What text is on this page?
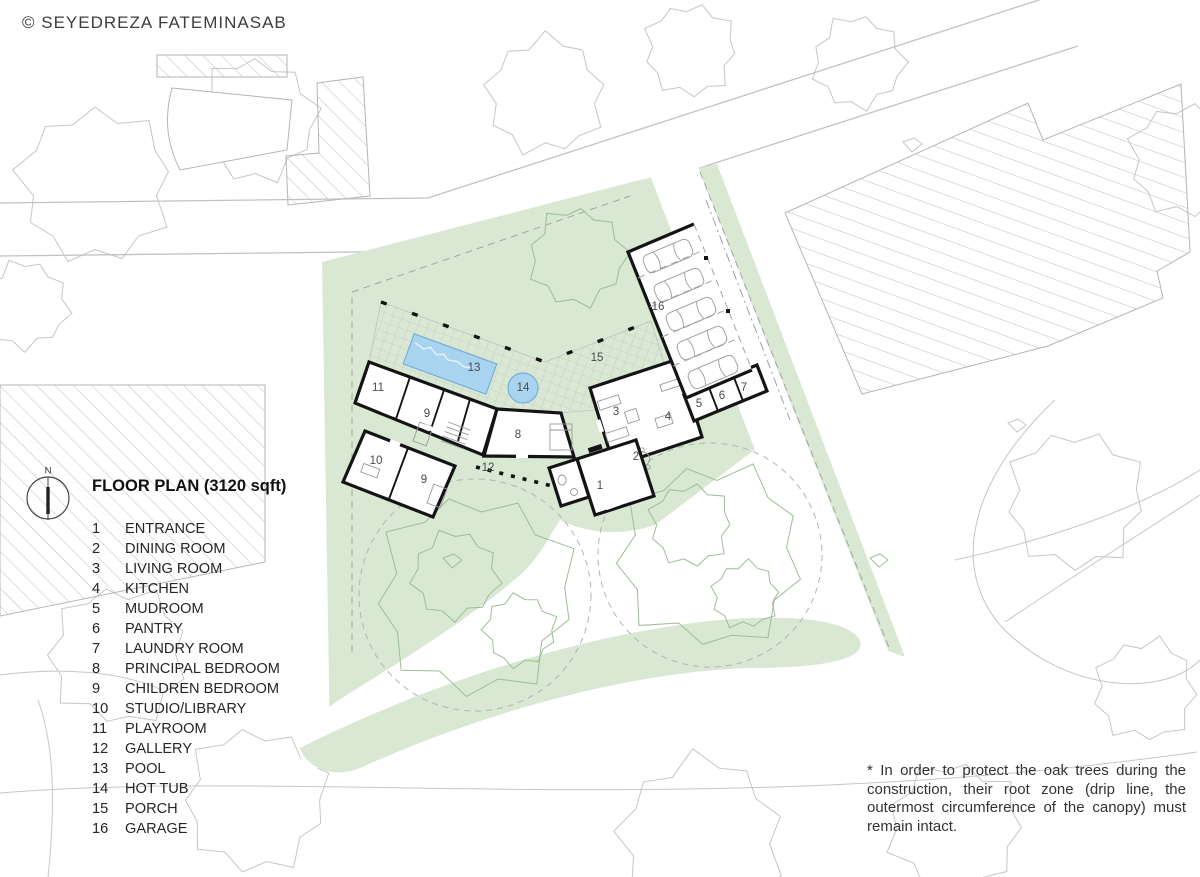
© SEYEDREZA FATEMINASAB
N
FLOOR PLAN (3120 sqft)
1	ENTRANCE
2	DINING ROOM
3	LIVING ROOM
4	KITCHEN
5	MUDROOM
6	PANTRY
7	LAUNDRY ROOM
8	PRINCIPAL BEDROOM
9	CHILDREN BEDROOM
10	STUDIO/LIBRARY
11	PLAYROOM
12	GALLERY
13	POOL
14	HOT TUB
15	PORCH
16	GARAGE
* In order to protect the oak trees during the construction, their root zone (drip line, the outermost circumference of the canopy) must remain intact.
1
2
3	4
5
6
7
8
9
9
10
11
12
13
14
15
16
